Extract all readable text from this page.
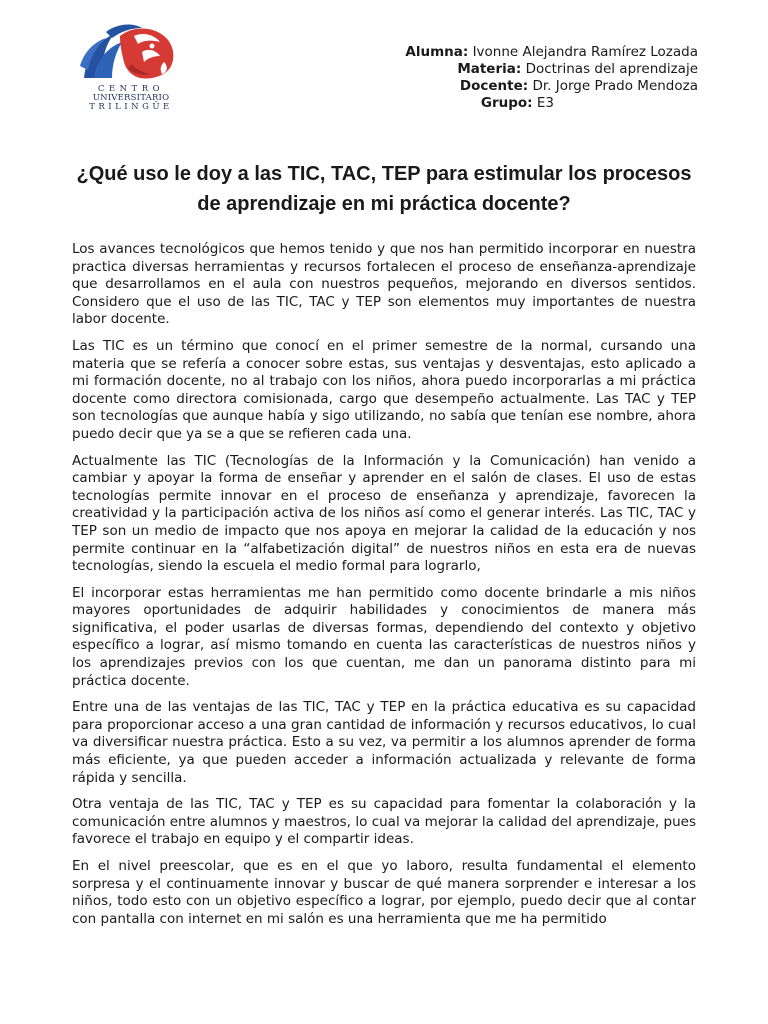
CENTRO
UNIVERSITARIO
TRILINGÜE
Alumna: Ivonne Alejandra Ramírez Lozada
Materia: Doctrinas del aprendizaje
Docente: Dr. Jorge Prado Mendoza
Grupo: E3
¿Qué uso le doy a las TIC, TAC, TEP para estimular los procesos de aprendizaje en mi práctica docente?

Los avances tecnológicos que hemos tenido y que nos han permitido incorporar en nuestra practica diversas herramientas y recursos fortalecen el proceso de enseñanza-aprendizaje que desarrollamos en el aula con nuestros pequeños, mejorando en diversos sentidos. Considero que el uso de las TIC, TAC y TEP son elementos muy importantes de nuestra labor docente.

Las TIC es un término que conocí en el primer semestre de la normal, cursando una materia que se refería a conocer sobre estas, sus ventajas y desventajas, esto aplicado a mi formación docente, no al trabajo con los niños, ahora puedo incorporarlas a mi práctica docente como directora comisionada, cargo que desempeño actualmente. Las TAC y TEP son tecnologías que aunque había y sigo utilizando, no sabía que tenían ese nombre, ahora puedo decir que ya se a que se refieren cada una.

Actualmente las TIC (Tecnologías de la Información y la Comunicación) han venido a cambiar y apoyar la forma de enseñar y aprender en el salón de clases. El uso de estas tecnologías permite innovar en el proceso de enseñanza y aprendizaje, favorecen la creatividad y la participación activa de los niños así como el generar interés. Las TIC, TAC y TEP son un medio de impacto que nos apoya en mejorar la calidad de la educación y nos permite continuar en la “alfabetización digital” de nuestros niños en esta era de nuevas tecnologías, siendo la escuela el medio formal para lograrlo,

El incorporar estas herramientas me han permitido como docente brindarle a mis niños mayores oportunidades de adquirir habilidades y conocimientos de manera más significativa, el poder usarlas de diversas formas, dependiendo del contexto y objetivo específico a lograr, así mismo tomando en cuenta las características de nuestros niños y los aprendizajes previos con los que cuentan, me dan un panorama distinto para mi práctica docente.

Entre una de las ventajas de las TIC, TAC y TEP en la práctica educativa es su capacidad para proporcionar acceso a una gran cantidad de información y recursos educativos, lo cual va diversificar nuestra práctica. Esto a su vez, va permitir a los alumnos aprender de forma más eficiente, ya que pueden acceder a información actualizada y relevante de forma rápida y sencilla.

Otra ventaja de las TIC, TAC y TEP es su capacidad para fomentar la colaboración y la comunicación entre alumnos y maestros, lo cual va mejorar la calidad del aprendizaje, pues favorece el trabajo en equipo y el compartir ideas.

En el nivel preescolar, que es en el que yo laboro, resulta fundamental el elemento sorpresa y el continuamente innovar y buscar de qué manera sorprender e interesar a los niños, todo esto con un objetivo específico a lograr, por ejemplo, puedo decir que al contar con pantalla con internet en mi salón es una herramienta que me ha permitido
